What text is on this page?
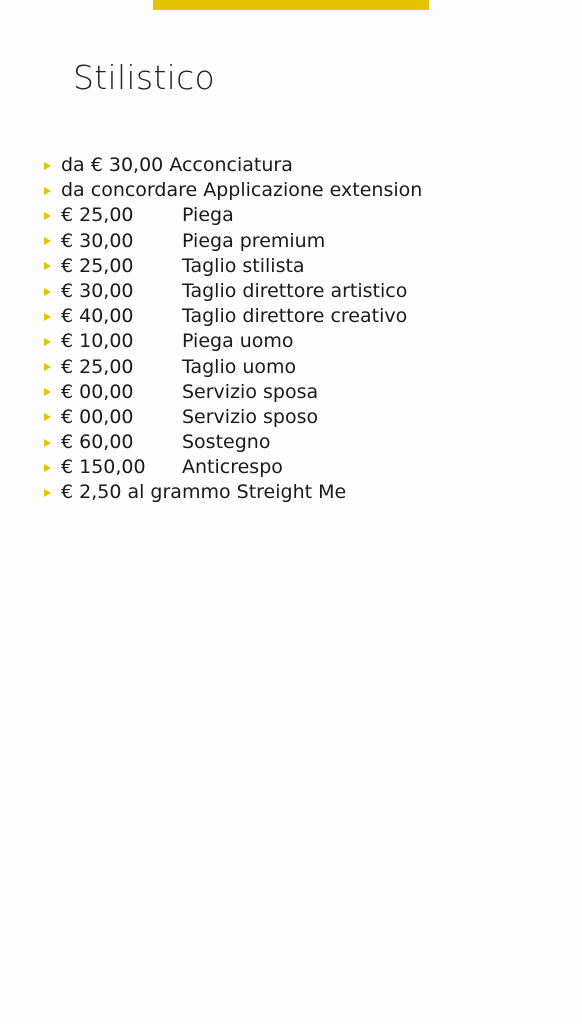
Stilistico
da € 30,00 Acconciatura
da concordare Applicazione extension
€ 25,00	Piega
€ 30,00	Piega premium
€ 25,00	Taglio stilista
€ 30,00	Taglio direttore artistico
€ 40,00	Taglio direttore creativo
€ 10,00	Piega uomo
€ 25,00	Taglio uomo
€ 00,00	Servizio sposa
€ 00,00	Servizio sposo
€ 60,00	Sostegno
€ 150,00	Anticrespo
€ 2,50 al grammo Streight Me
